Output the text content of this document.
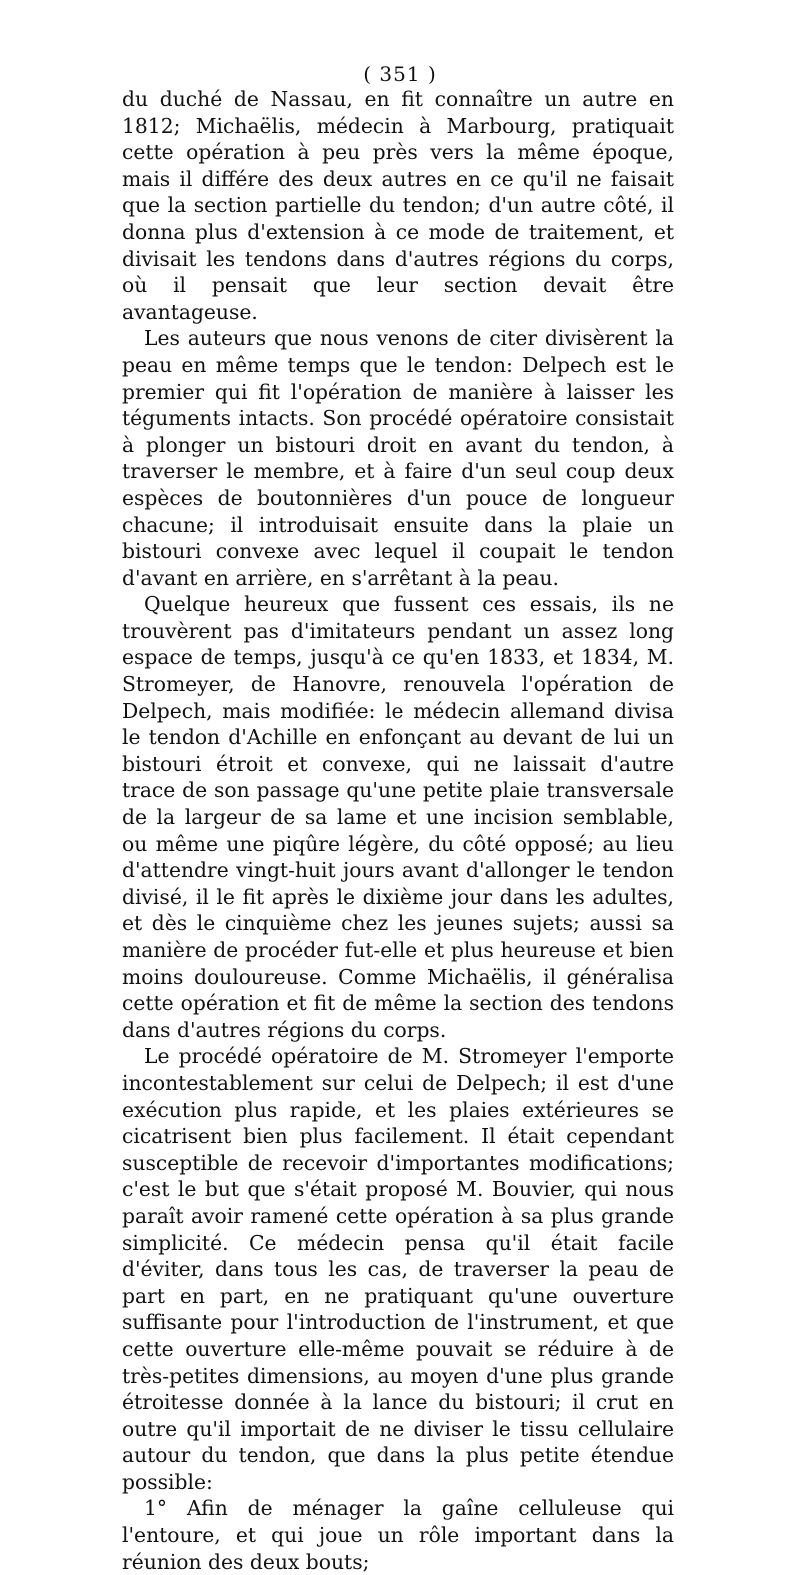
( 351 )

du duché de Nassau, en fit connaître un autre en 1812; Michaëlis, médecin à Marbourg, pratiquait cette opération à peu près vers la même époque, mais il différe des deux autres en ce qu'il ne faisait que la section partielle du tendon; d'un autre côté, il donna plus d'extension à ce mode de traitement, et divisait les tendons dans d'autres régions du corps, où il pensait que leur section devait être avantageuse.

Les auteurs que nous venons de citer divisèrent la peau en même temps que le tendon: Delpech est le premier qui fit l'opération de manière à laisser les téguments intacts. Son procédé opératoire consistait à plonger un bistouri droit en avant du tendon, à traverser le membre, et à faire d'un seul coup deux espèces de boutonnières d'un pouce de longueur chacune; il introduisait ensuite dans la plaie un bistouri convexe avec lequel il coupait le tendon d'avant en arrière, en s'arrêtant à la peau.

Quelque heureux que fussent ces essais, ils ne trouvèrent pas d'imitateurs pendant un assez long espace de temps, jusqu'à ce qu'en 1833, et 1834, M. Stromeyer, de Hanovre, renouvela l'opération de Delpech, mais modifiée: le médecin allemand divisa le tendon d'Achille en enfonçant au devant de lui un bistouri étroit et convexe, qui ne laissait d'autre trace de son passage qu'une petite plaie transversale de la largeur de sa lame et une incision semblable, ou même une piqûre légère, du côté opposé; au lieu d'attendre vingt-huit jours avant d'allonger le tendon divisé, il le fit après le dixième jour dans les adultes, et dès le cinquième chez les jeunes sujets; aussi sa manière de procéder fut-elle et plus heureuse et bien moins douloureuse. Comme Michaëlis, il généralisa cette opération et fit de même la section des tendons dans d'autres régions du corps.

Le procédé opératoire de M. Stromeyer l'emporte incontestablement sur celui de Delpech; il est d'une exécution plus rapide, et les plaies extérieures se cicatrisent bien plus facilement. Il était cependant susceptible de recevoir d'importantes modifications; c'est le but que s'était proposé M. Bouvier, qui nous paraît avoir ramené cette opération à sa plus grande simplicité. Ce médecin pensa qu'il était facile d'éviter, dans tous les cas, de traverser la peau de part en part, en ne pratiquant qu'une ouverture suffisante pour l'introduction de l'instrument, et que cette ouverture elle-même pouvait se réduire à de très-petites dimensions, au moyen d'une plus grande étroitesse donnée à la lance du bistouri; il crut en outre qu'il importait de ne diviser le tissu cellulaire autour du tendon, que dans la plus petite étendue possible:

1° Afin de ménager la gaîne celluleuse qui l'entoure, et qui joue un rôle important dans la réunion des deux bouts;
